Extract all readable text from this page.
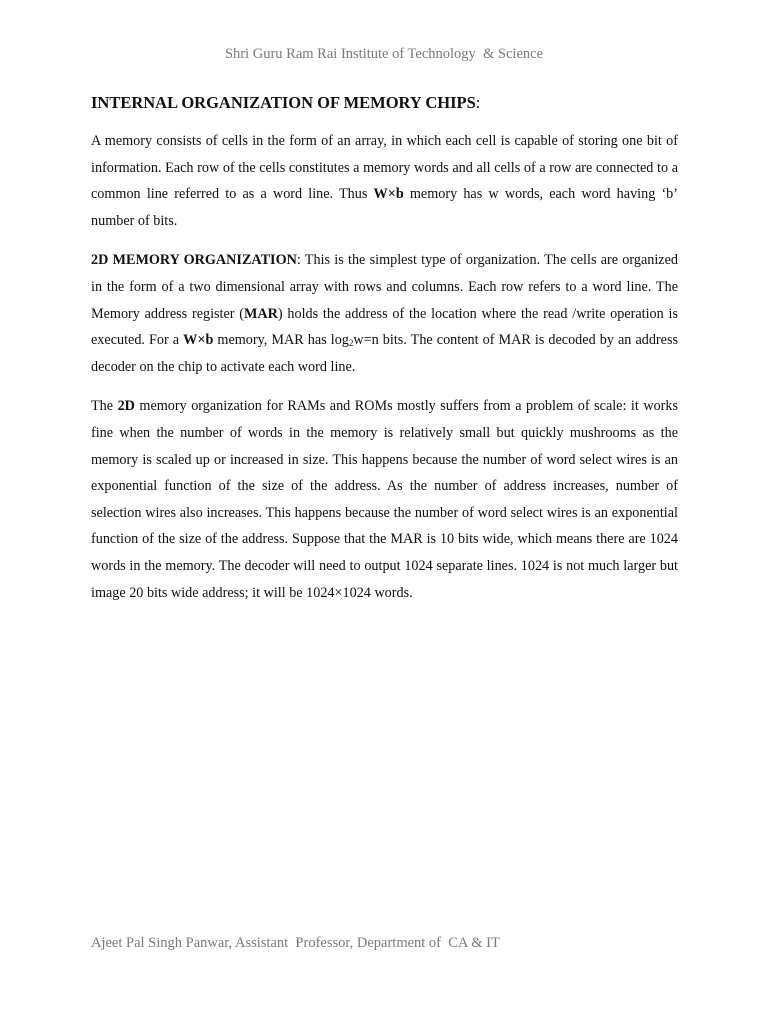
Shri Guru Ram Rai Institute of Technology  & Science
INTERNAL ORGANIZATION OF MEMORY CHIPS:

A memory consists of cells in the form of an array, in which each cell is capable of storing one bit of information. Each row of the cells constitutes a memory words and all cells of a row are connected to a common line referred to as a word line. Thus W×b memory has w words, each word having ‘b’ number of bits.

2D MEMORY ORGANIZATION: This is the simplest type of organization. The cells are organized in the form of a two dimensional array with rows and columns. Each row refers to a word line. The Memory address register (MAR) holds the address of the location where the read /write operation is executed. For a W×b memory, MAR has $\log_2w=n$ bits. The content of MAR is decoded by an address decoder on the chip to activate each word line.

The 2D memory organization for RAMs and ROMs mostly suffers from a problem of scale: it works fine when the number of words in the memory is relatively small but quickly mushrooms as the memory is scaled up or increased in size. This happens because the number of word select wires is an exponential function of the size of the address. As the number of address increases, number of selection wires also increases. This happens because the number of word select wires is an exponential function of the size of the address. Suppose that the MAR is 10 bits wide, which means there are 1024 words in the memory. The decoder will need to output 1024 separate lines. 1024 is not much larger but image 20 bits wide address; it will be 1024×1024 words.

Ajeet Pal Singh Panwar, Assistant  Professor, Department of  CA & IT
